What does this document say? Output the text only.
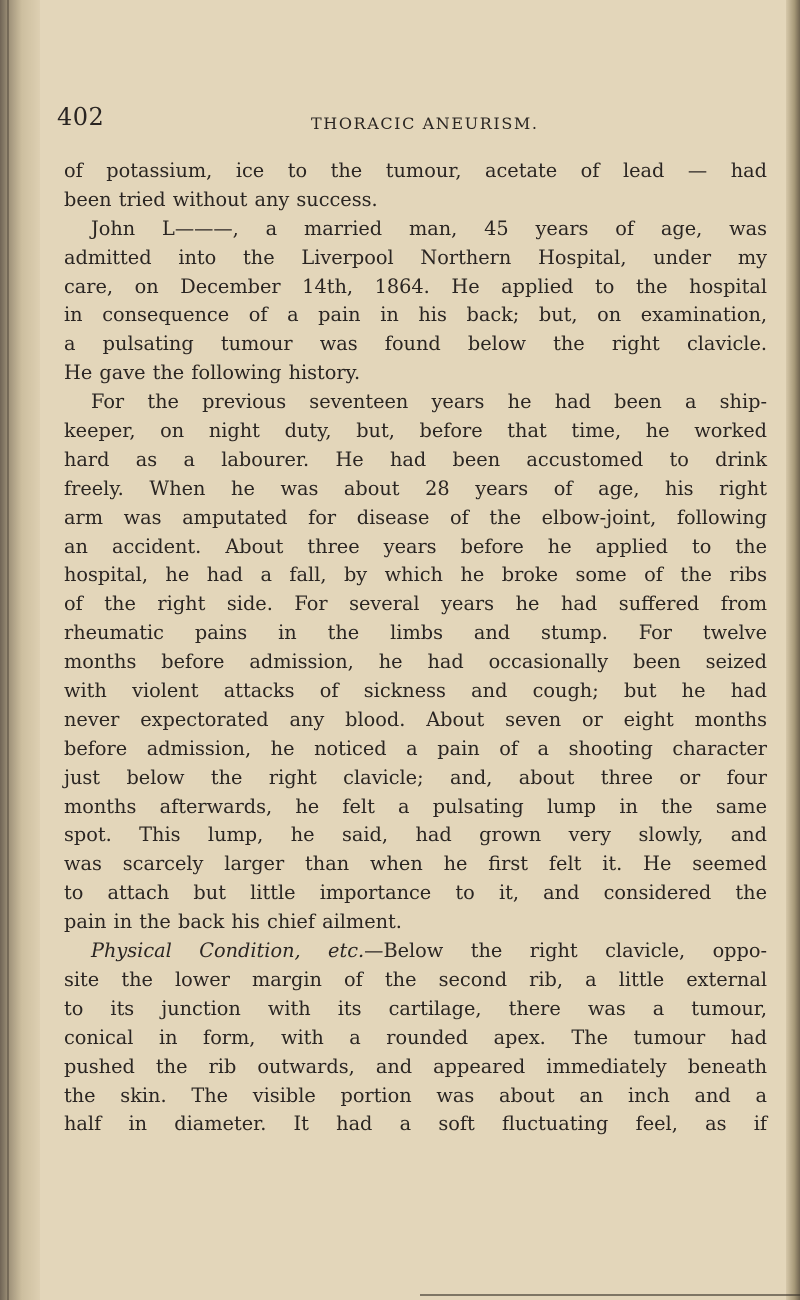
402	THORACIC ANEURISM.
of potassium, ice to the tumour, acetate of lead — had
been tried without any success.
John L———, a married man, 45 years of age, was
admitted into the Liverpool Northern Hospital, under my
care, on December 14th, 1864. He applied to the hospital
in consequence of a pain in his back; but, on examination,
a pulsating tumour was found below the right clavicle.
He gave the following history.
For the previous seventeen years he had been a ship-
keeper, on night duty, but, before that time, he worked
hard as a labourer. He had been accustomed to drink
freely. When he was about 28 years of age, his right
arm was amputated for disease of the elbow-joint, following
an accident. About three years before he applied to the
hospital, he had a fall, by which he broke some of the ribs
of the right side. For several years he had suffered from
rheumatic pains in the limbs and stump. For twelve
months before admission, he had occasionally been seized
with violent attacks of sickness and cough; but he had
never expectorated any blood. About seven or eight months
before admission, he noticed a pain of a shooting character
just below the right clavicle; and, about three or four
months afterwards, he felt a pulsating lump in the same
spot. This lump, he said, had grown very slowly, and
was scarcely larger than when he first felt it. He seemed
to attach but little importance to it, and considered the
pain in the back his chief ailment.
Physical Condition, etc.—Below the right clavicle, oppo-
site the lower margin of the second rib, a little external
to its junction with its cartilage, there was a tumour,
conical in form, with a rounded apex. The tumour had
pushed the rib outwards, and appeared immediately beneath
the skin. The visible portion was about an inch and a
half in diameter. It had a soft fluctuating feel, as if
